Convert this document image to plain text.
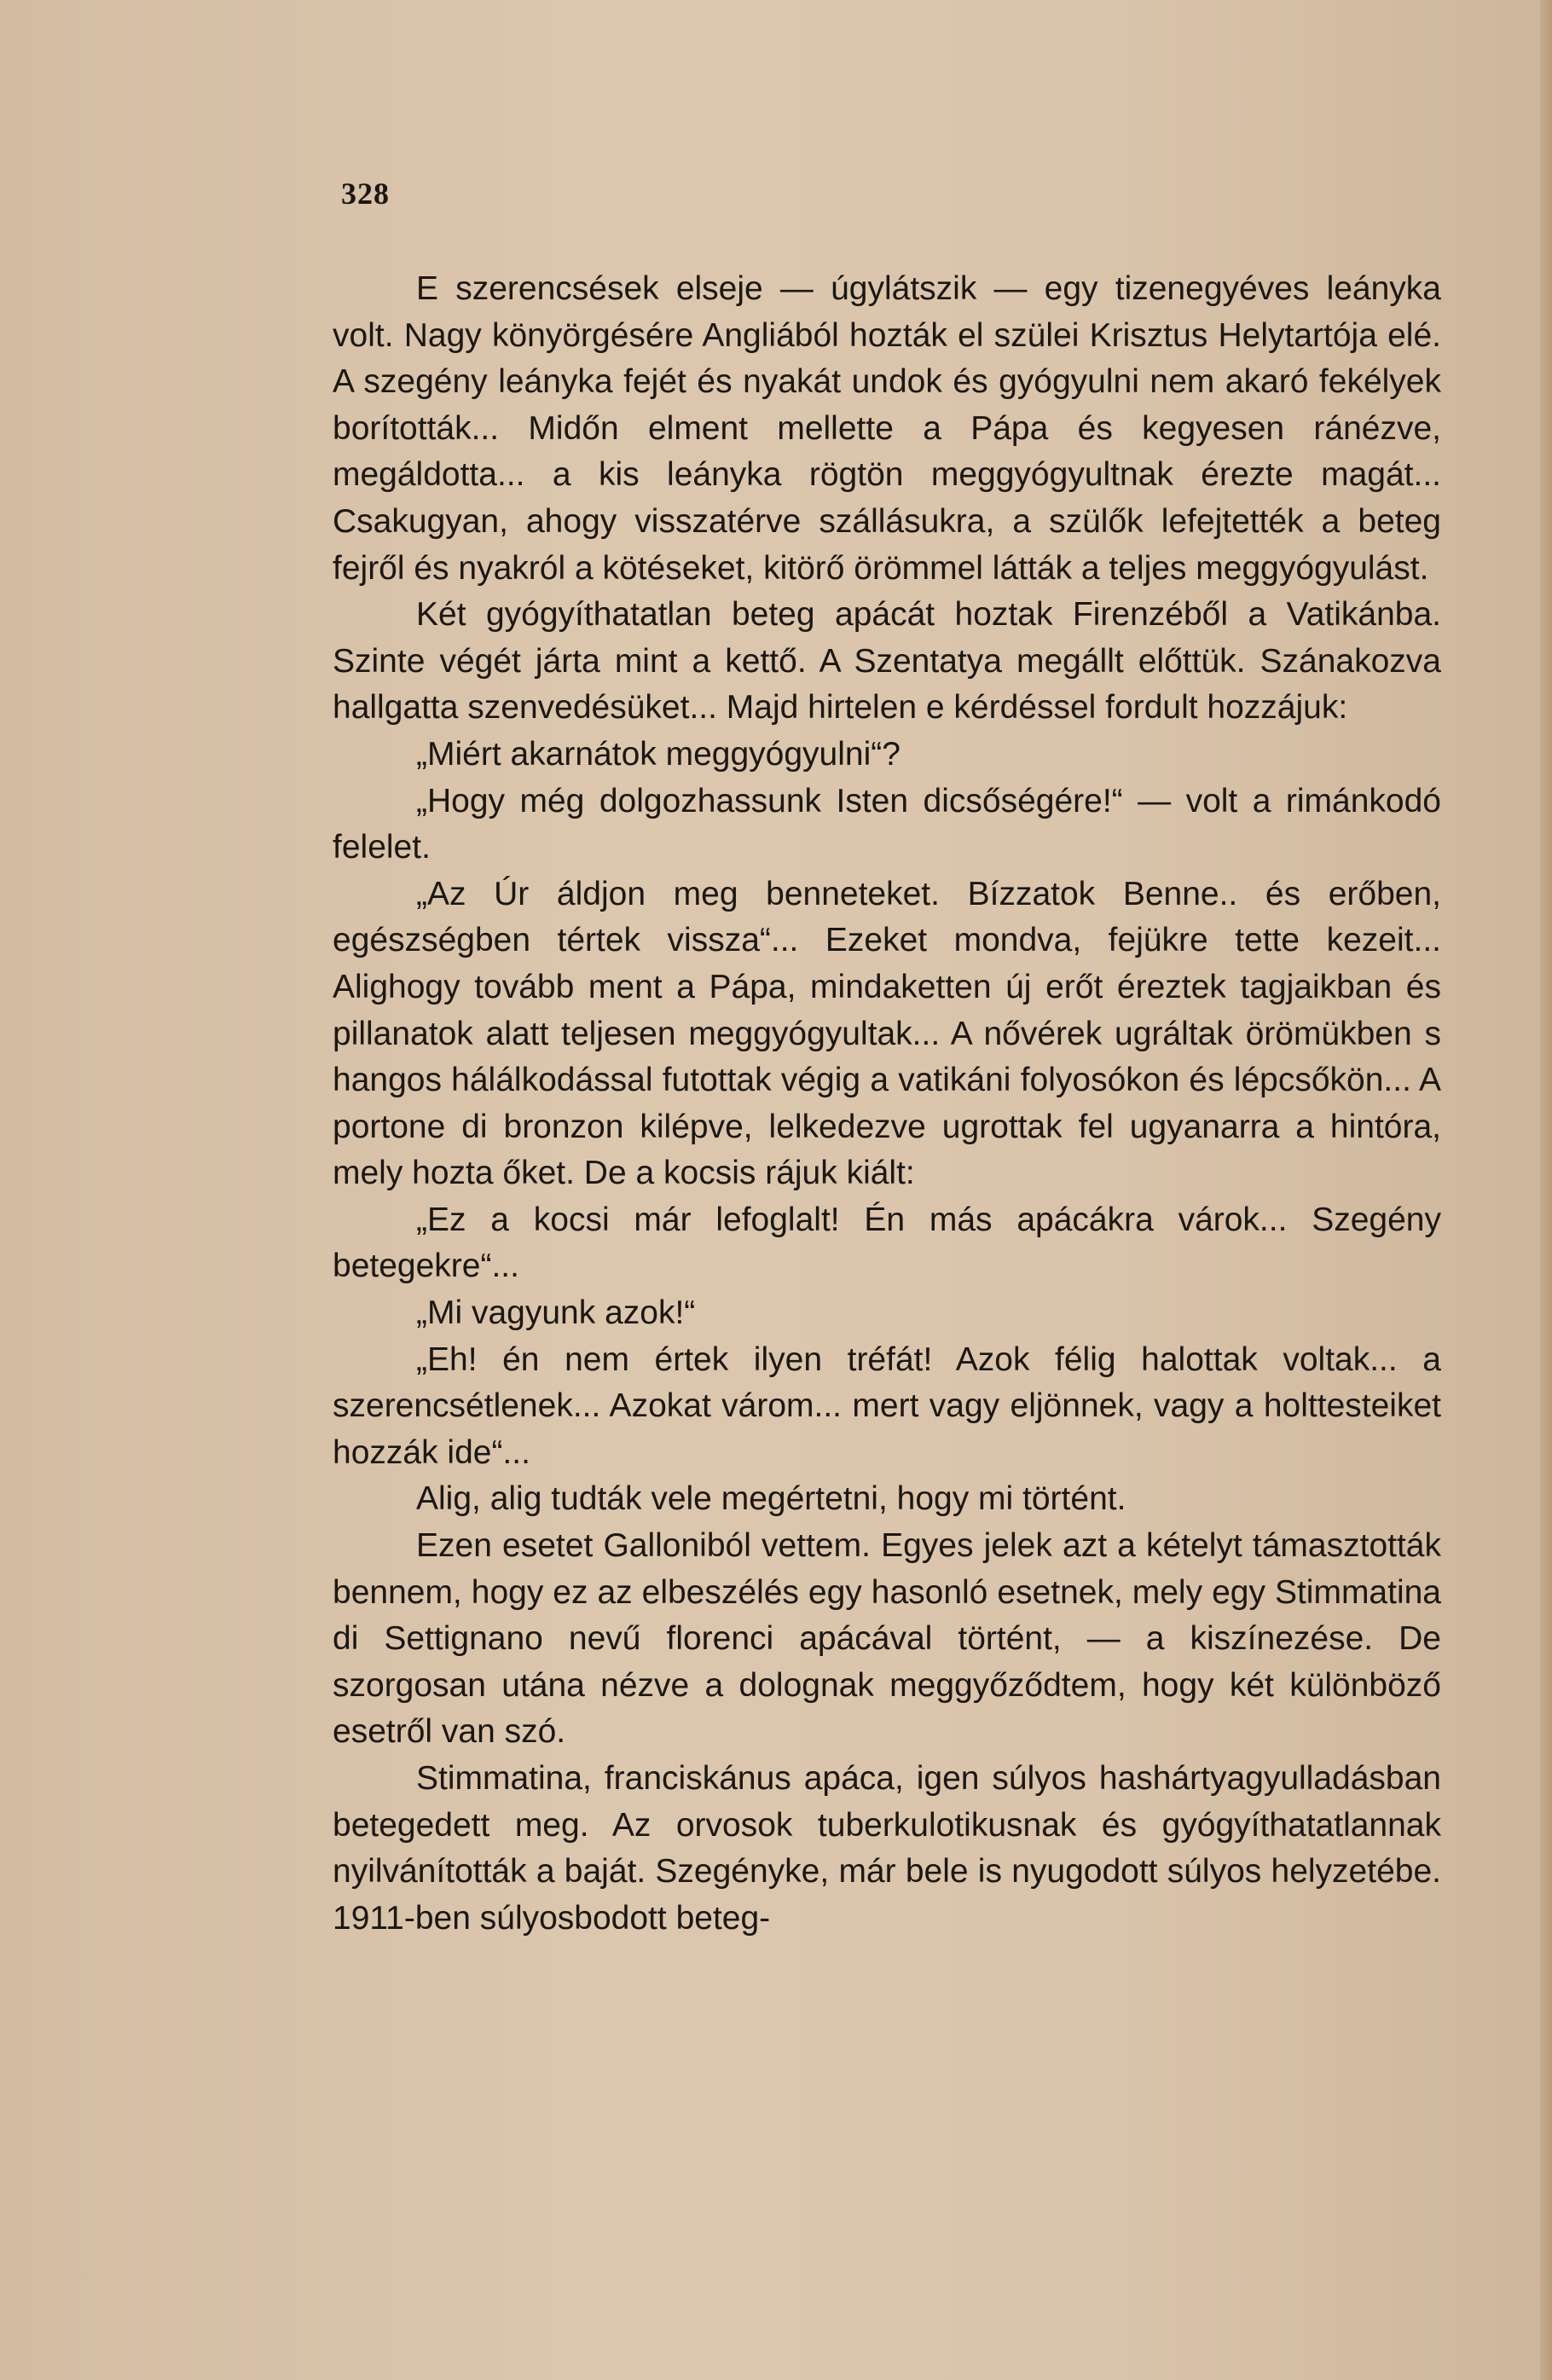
328

E szerencsések elseje — úgylátszik — egy tizenegyéves leányka volt. Nagy könyörgésére Angliából hozták el szülei Krisztus Helytartója elé. A szegény leányka fejét és nyakát undok és gyógyulni nem akaró fekélyek borították... Midőn elment mellette a Pápa és kegyesen ránézve, megáldotta... a kis leányka rögtön meggyógyultnak érezte magát... Csakugyan, ahogy visszatérve szállásukra, a szülők lefejtették a beteg fejről és nyakról a kötéseket, kitörő örömmel látták a teljes meggyógyulást.

Két gyógyíthatatlan beteg apácát hoztak Firenzéből a Vatikánba. Szinte végét járta mint a kettő. A Szentatya megállt előttük. Szánakozva hallgatta szenvedésüket... Majd hirtelen e kérdéssel fordult hozzájuk:

„Miért akarnátok meggyógyulni“?

„Hogy még dolgozhassunk Isten dicsőségére!“ — volt a rimánkodó felelet.

„Az Úr áldjon meg benneteket. Bízzatok Benne.. és erőben, egészségben tértek vissza“... Ezeket mondva, fejükre tette kezeit... Alighogy tovább ment a Pápa, mindaketten új erőt éreztek tagjaikban és pillanatok alatt teljesen meggyógyultak... A nővérek ugráltak örömükben s hangos hálálkodással futottak végig a vatikáni folyosókon és lépcsőkön... A portone di bronzon kilépve, lelkedezve ugrottak fel ugyanarra a hintóra, mely hozta őket. De a kocsis rájuk kiált:

„Ez a kocsi már lefoglalt! Én más apácákra várok... Szegény betegekre“...

„Mi vagyunk azok!“

„Eh! én nem értek ilyen tréfát! Azok félig halottak voltak... a szerencsétlenek... Azokat várom... mert vagy eljönnek, vagy a holttesteiket hozzák ide“...

Alig, alig tudták vele megértetni, hogy mi történt.

Ezen esetet Galloniból vettem. Egyes jelek azt a kételyt támasztották bennem, hogy ez az elbeszélés egy hasonló esetnek, mely egy Stimmatina di Settignano nevű florenci apácával történt, — a kiszínezése. De szorgosan utána nézve a dolognak meggyőződtem, hogy két különböző esetről van szó.

Stimmatina, franciskánus apáca, igen súlyos hashártyagyulladásban betegedett meg. Az orvosok tuberkulotikusnak és gyógyíthatatlannak nyilvánították a baját. Szegényke, már bele is nyugodott súlyos helyzetébe. 1911-ben súlyosbodott beteg-
